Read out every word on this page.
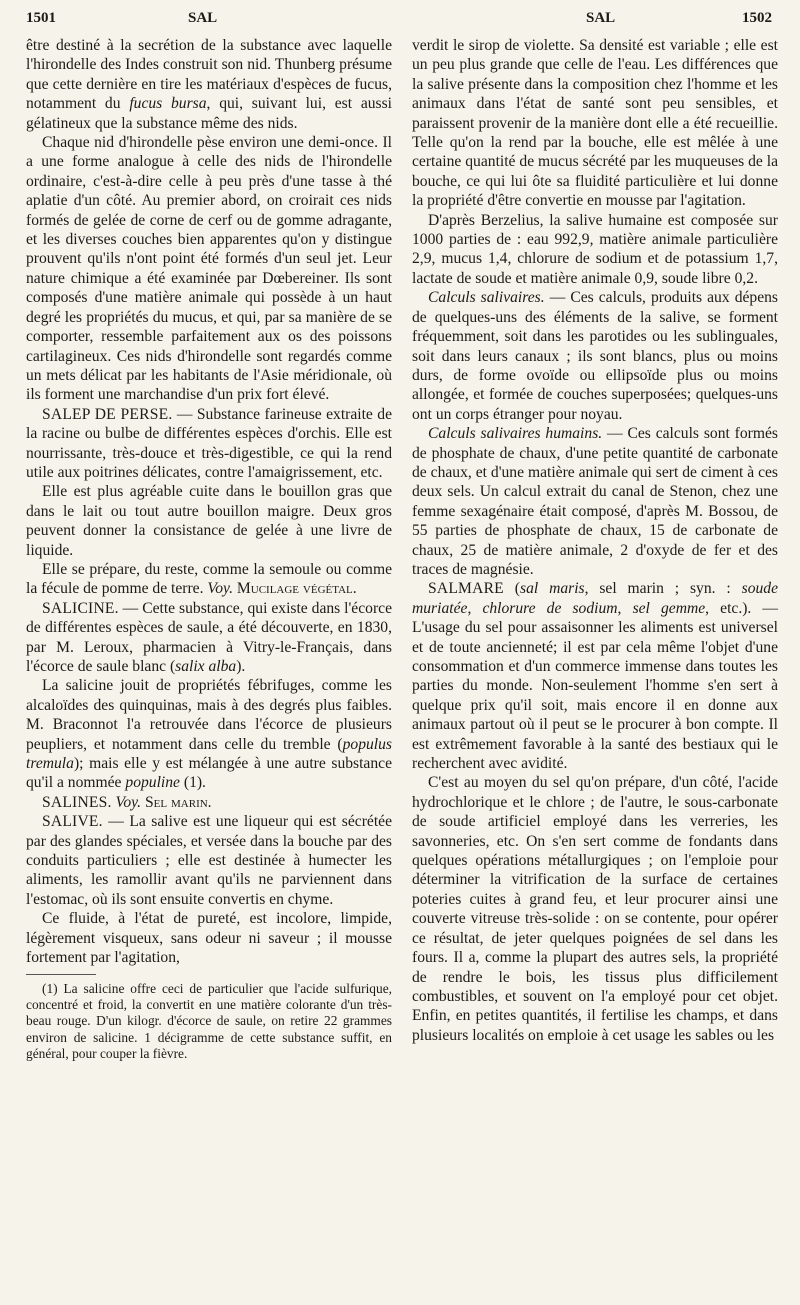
1501	SAL	SAL	1502

être destiné à la secrétion de la substance avec laquelle l'hirondelle des Indes construit son nid. Thunberg présume que cette dernière en tire les matériaux d'espèces de fucus, notamment du fucus bursa, qui, suivant lui, est aussi gélatineux que la substance même des nids.

Chaque nid d'hirondelle pèse environ une demi-once. Il a une forme analogue à celle des nids de l'hirondelle ordinaire, c'est-à-dire celle à peu près d'une tasse à thé aplatie d'un côté. Au premier abord, on croirait ces nids formés de gelée de corne de cerf ou de gomme adragante, et les diverses couches bien apparentes qu'on y distingue prouvent qu'ils n'ont point été formés d'un seul jet. Leur nature chimique a été examinée par Dœbereiner. Ils sont composés d'une matière animale qui possède à un haut degré les propriétés du mucus, et qui, par sa manière de se comporter, ressemble parfaitement aux os des poissons cartilagineux. Ces nids d'hirondelle sont regardés comme un mets délicat par les habitants de l'Asie méridionale, où ils forment une marchandise d'un prix fort élevé.

SALEP DE PERSE. — Substance farineuse extraite de la racine ou bulbe de différentes espèces d'orchis. Elle est nourrissante, très-douce et très-digestible, ce qui la rend utile aux poitrines délicates, contre l'amaigrissement, etc.

Elle est plus agréable cuite dans le bouillon gras que dans le lait ou tout autre bouillon maigre. Deux gros peuvent donner la consistance de gelée à une livre de liquide.

Elle se prépare, du reste, comme la semoule ou comme la fécule de pomme de terre. Voy. Mucilage végétal.

SALICINE. — Cette substance, qui existe dans l'écorce de différentes espèces de saule, a été découverte, en 1830, par M. Leroux, pharmacien à Vitry-le-Français, dans l'écorce de saule blanc (salix alba).

La salicine jouit de propriétés fébrifuges, comme les alcaloïdes des quinquinas, mais à des degrés plus faibles. M. Braconnot l'a retrouvée dans l'écorce de plusieurs peupliers, et notamment dans celle du tremble (populus tremula); mais elle y est mélangée à une autre substance qu'il a nommée populine (1).

SALINES. Voy. Sel marin.

SALIVE. — La salive est une liqueur qui est sécrétée par des glandes spéciales, et versée dans la bouche par des conduits particuliers ; elle est destinée à humecter les aliments, les ramollir avant qu'ils ne parviennent dans l'estomac, où ils sont ensuite convertis en chyme.

Ce fluide, à l'état de pureté, est incolore, limpide, légèrement visqueux, sans odeur ni saveur ; il mousse fortement par l'agitation,

(1) La salicine offre ceci de particulier que l'acide sulfurique, concentré et froid, la convertit en une matière colorante d'un très-beau rouge. D'un kilogr. d'écorce de saule, on retire 22 grammes environ de salicine. 1 décigramme de cette substance suffit, en général, pour couper la fièvre.

verdit le sirop de violette. Sa densité est variable ; elle est un peu plus grande que celle de l'eau. Les différences que la salive présente dans la composition chez l'homme et les animaux dans l'état de santé sont peu sensibles, et paraissent provenir de la manière dont elle a été recueillie. Telle qu'on la rend par la bouche, elle est mêlée à une certaine quantité de mucus sécrété par les muqueuses de la bouche, ce qui lui ôte sa fluidité particulière et lui donne la propriété d'être convertie en mousse par l'agitation.

D'après Berzelius, la salive humaine est composée sur 1000 parties de : eau 992,9, matière animale particulière 2,9, mucus 1,4, chlorure de sodium et de potassium 1,7, lactate de soude et matière animale 0,9, soude libre 0,2.

Calculs salivaires. — Ces calculs, produits aux dépens de quelques-uns des éléments de la salive, se forment fréquemment, soit dans les parotides ou les sublinguales, soit dans leurs canaux ; ils sont blancs, plus ou moins durs, de forme ovoïde ou ellipsoïde plus ou moins allongée, et formée de couches superposées; quelques-uns ont un corps étranger pour noyau.

Calculs salivaires humains. — Ces calculs sont formés de phosphate de chaux, d'une petite quantité de carbonate de chaux, et d'une matière animale qui sert de ciment à ces deux sels. Un calcul extrait du canal de Stenon, chez une femme sexagénaire était composé, d'après M. Bossou, de 55 parties de phosphate de chaux, 15 de carbonate de chaux, 25 de matière animale, 2 d'oxyde de fer et des traces de magnésie.

SALMARE (sal maris, sel marin ; syn. : soude muriatée, chlorure de sodium, sel gemme, etc.). — L'usage du sel pour assaisonner les aliments est universel et de toute ancienneté; il est par cela même l'objet d'une consommation et d'un commerce immense dans toutes les parties du monde. Non-seulement l'homme s'en sert à quelque prix qu'il soit, mais encore il en donne aux animaux partout où il peut se le procurer à bon compte. Il est extrêmement favorable à la santé des bestiaux qui le recherchent avec avidité.

C'est au moyen du sel qu'on prépare, d'un côté, l'acide hydrochlorique et le chlore ; de l'autre, le sous-carbonate de soude artificiel employé dans les verreries, les savonneries, etc. On s'en sert comme de fondants dans quelques opérations métallurgiques ; on l'emploie pour déterminer la vitrification de la surface de certaines poteries cuites à grand feu, et leur procurer ainsi une couverte vitreuse très-solide : on se contente, pour opérer ce résultat, de jeter quelques poignées de sel dans les fours. Il a, comme la plupart des autres sels, la propriété de rendre le bois, les tissus plus difficilement combustibles, et souvent on l'a employé pour cet objet. Enfin, en petites quantités, il fertilise les champs, et dans plusieurs localités on emploie à cet usage les sables ou les
